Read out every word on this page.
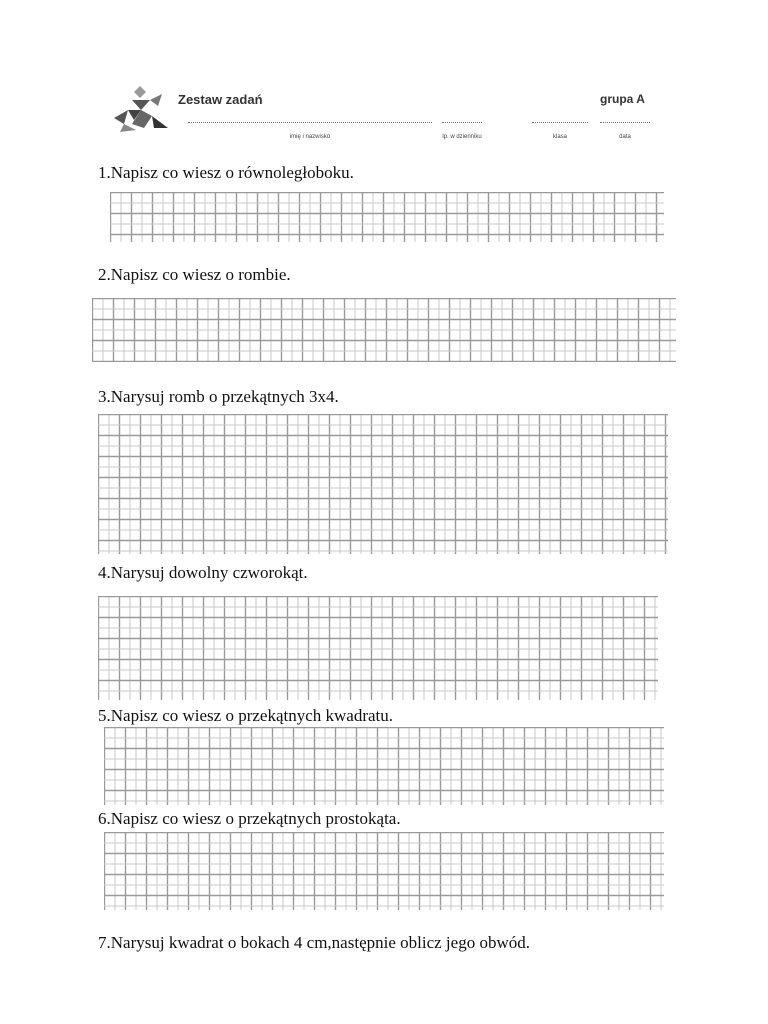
Zestaw zadań	grupa A
imię i nazwisko	lp. w dzienniku	klasa	data
1.Napisz co wiesz o równoległoboku.
2.Napisz co wiesz o rombie.
3.Narysuj romb o przekątnych 3x4.
4.Narysuj dowolny czworokąt.
5.Napisz co wiesz o przekątnych kwadratu.
6.Napisz co wiesz o przekątnych prostokąta.
7.Narysuj kwadrat o bokach 4 cm,następnie oblicz jego obwód.
